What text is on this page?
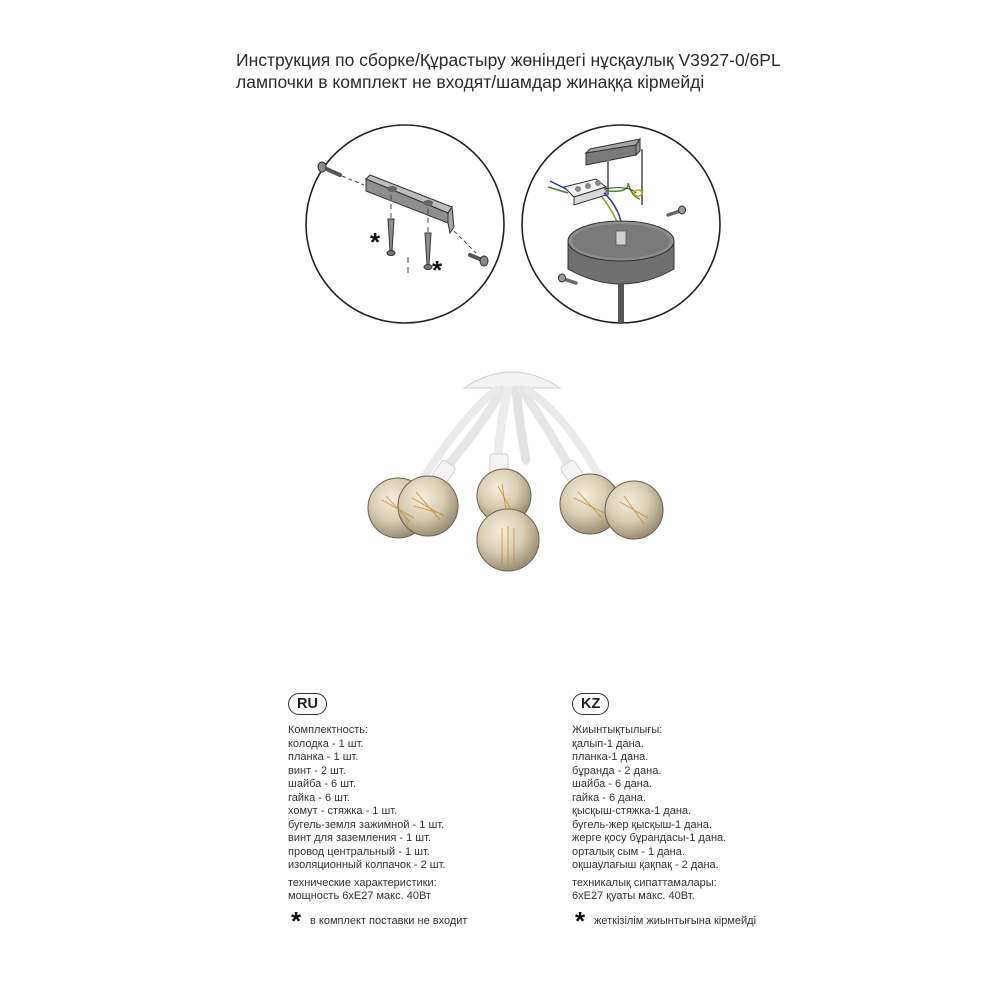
Инструкция по сборке/Құрастыру жөніндегі нұсқаулық V3927-0/6PL
лампочки в комплект не входят/шамдар жинаққа кірмейді
*
*
RU
Комплектность:
колодка - 1 шт.
планка - 1 шт.
винт - 2 шт.
шайба - 6 шт.
гайка - 6 шт.
хомут - стяжка - 1 шт.
бугель-земля зажимной - 1 шт.
винт для заземления - 1 шт.
провод центральный - 1 шт.
изоляционный колпачок - 2 шт.
технические характеристики:
мощность 6хЕ27 макс. 40Вт
* в комплект поставки не входит
KZ
Жиынтықтылығы:
қалып-1 дана.
планка-1 дана.
бұранда - 2 дана.
шайба - 6 дана.
гайка - 6 дана.
қысқыш-стяжка-1 дана.
бугель-жер қысқыш-1 дана.
жерге қосу бұрандасы-1 дана.
орталық сым - 1 дана.
оқшаулағыш қақпақ - 2 дана.
техникалық сипаттамалары:
6хЕ27 қуаты макс. 40Вт.
* жеткізілім жиынтығына кірмейді
